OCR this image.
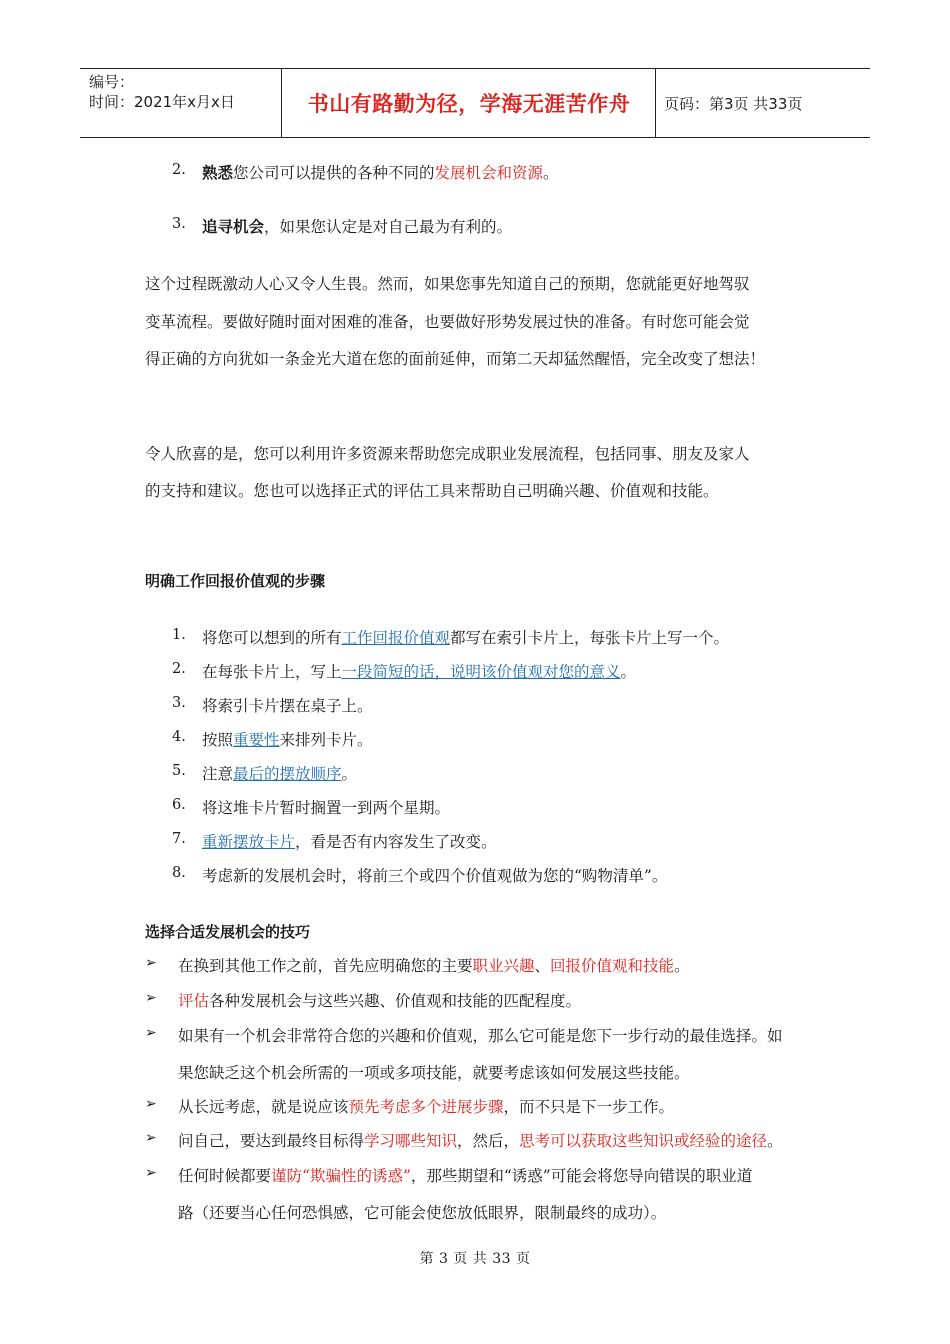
编号：
时间：2021年x月x日	书山有路勤为径，学海无涯苦作舟	页码：第3页 共33页
2. 熟悉您公司可以提供的各种不同的发展机会和资源。
3. 追寻机会，如果您认定是对自己最为有利的。
这个过程既激动人心又令人生畏。然而，如果您事先知道自己的预期，您就能更好地驾驭
变革流程。要做好随时面对困难的准备，也要做好形势发展过快的准备。有时您可能会觉
得正确的方向犹如一条金光大道在您的面前延伸，而第二天却猛然醒悟，完全改变了想法！
令人欣喜的是，您可以利用许多资源来帮助您完成职业发展流程，包括同事、朋友及家人
的支持和建议。您也可以选择正式的评估工具来帮助自己明确兴趣、价值观和技能。
明确工作回报价值观的步骤
1. 将您可以想到的所有工作回报价值观都写在索引卡片上，每张卡片上写一个。
2. 在每张卡片上，写上一段简短的话，说明该价值观对您的意义。
3. 将索引卡片摆在桌子上。
4. 按照重要性来排列卡片。
5. 注意最后的摆放顺序。
6. 将这堆卡片暂时搁置一到两个星期。
7. 重新摆放卡片，看是否有内容发生了改变。
8. 考虑新的发展机会时，将前三个或四个价值观做为您的“购物清单”。
选择合适发展机会的技巧
➢ 在换到其他工作之前，首先应明确您的主要职业兴趣、回报价值观和技能。
➢ 评估各种发展机会与这些兴趣、价值观和技能的匹配程度。
➢ 如果有一个机会非常符合您的兴趣和价值观，那么它可能是您下一步行动的最佳选择。如
果您缺乏这个机会所需的一项或多项技能，就要考虑该如何发展这些技能。
➢ 从长远考虑，就是说应该预先考虑多个进展步骤，而不只是下一步工作。
➢ 问自己，要达到最终目标得学习哪些知识，然后，思考可以获取这些知识或经验的途径。
➢ 任何时候都要谨防“欺骗性的诱惑”，那些期望和“诱惑”可能会将您导向错误的职业道
路（还要当心任何恐惧感，它可能会使您放低眼界，限制最终的成功）。
第 3 页 共 33 页
